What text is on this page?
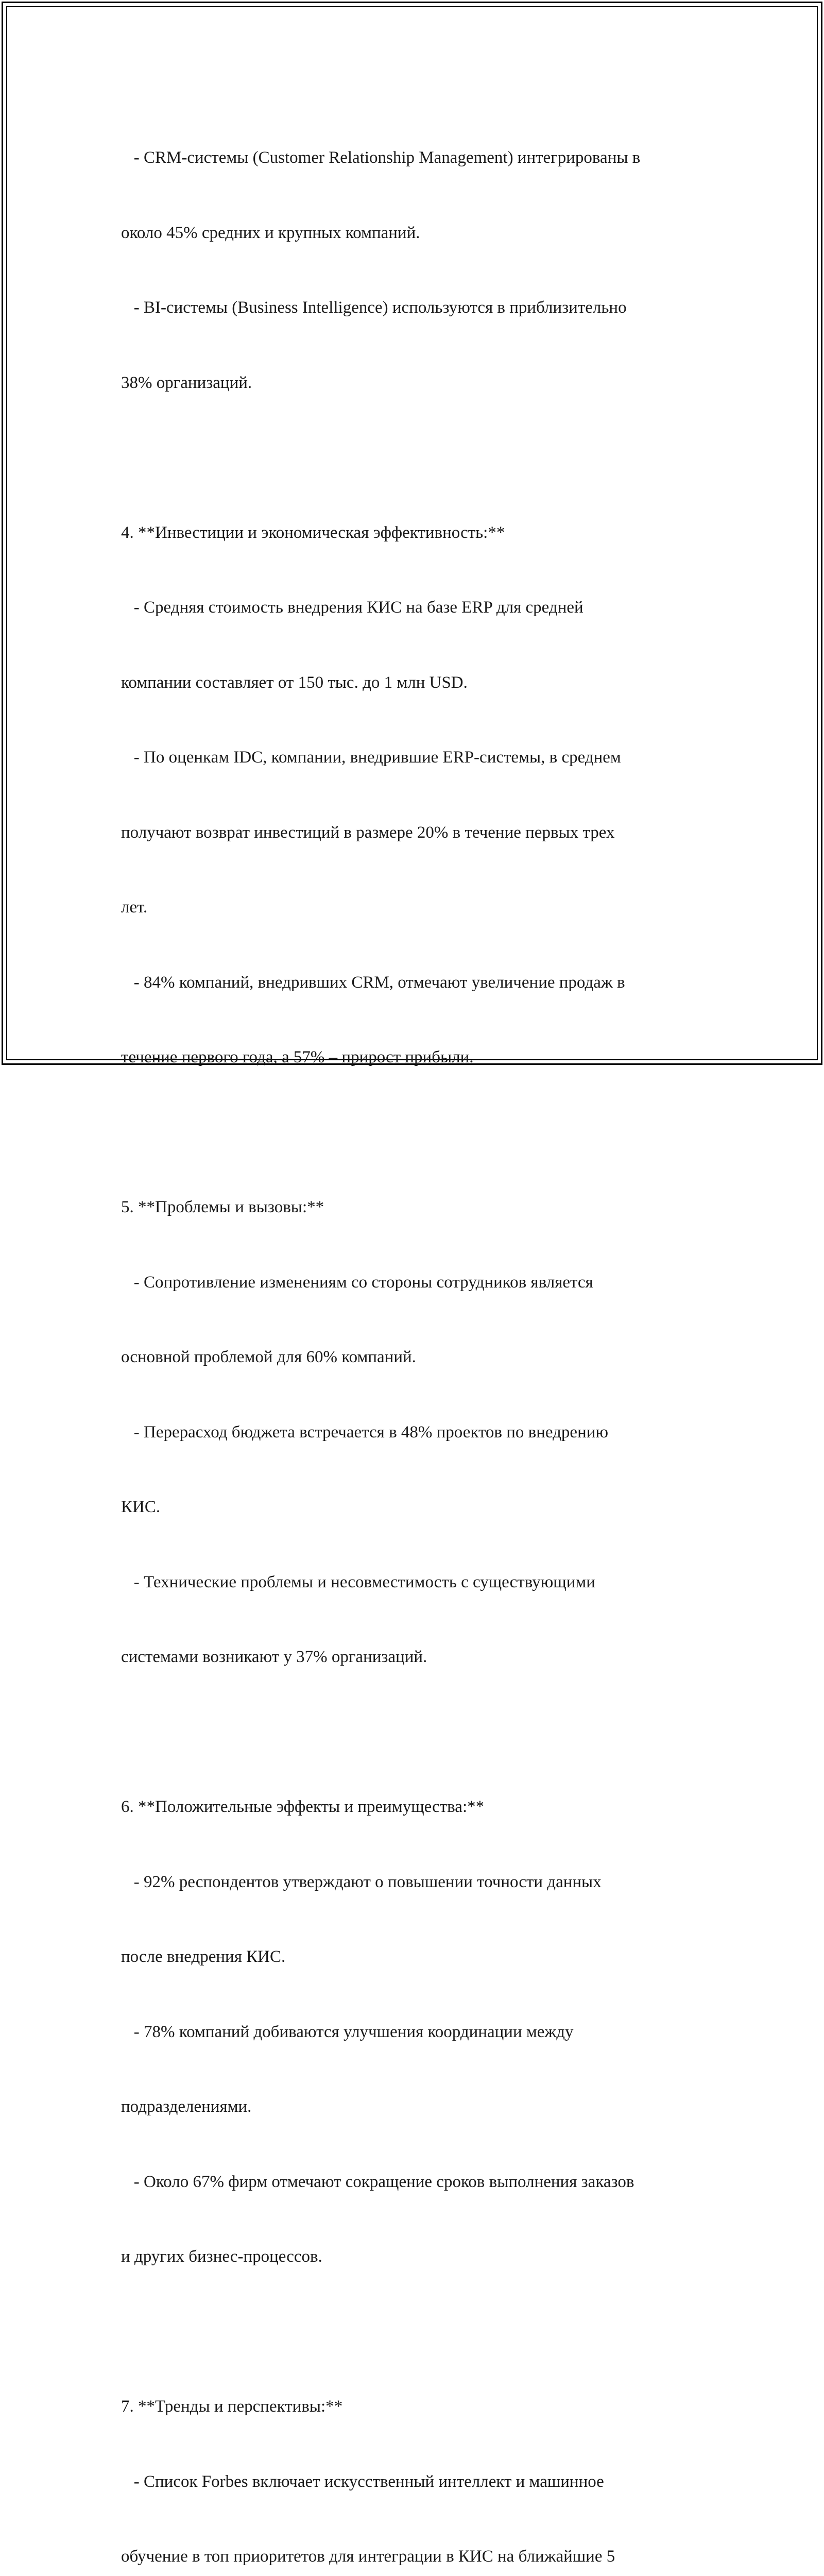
- CRM-системы (Customer Relationship Management) интегрированы в

около 45% средних и крупных компаний.

- BI-системы (Business Intelligence) используются в приблизительно

38% организаций.

4. **Инвестиции и экономическая эффективность:**

- Средняя стоимость внедрения КИС на базе ERP для средней

компании составляет от 150 тыс. до 1 млн USD.

- По оценкам IDC, компании, внедрившие ERP-системы, в среднем

получают возврат инвестиций в размере 20% в течение первых трех

лет.

- 84% компаний, внедривших CRM, отмечают увеличение продаж в

течение первого года, а 57% – прирост прибыли.

5. **Проблемы и вызовы:**

- Сопротивление изменениям со стороны сотрудников является

основной проблемой для 60% компаний.

- Перерасход бюджета встречается в 48% проектов по внедрению

КИС.

- Технические проблемы и несовместимость с существующими

системами возникают у 37% организаций.

6. **Положительные эффекты и преимущества:**

- 92% респондентов утверждают о повышении точности данных

после внедрения КИС.

- 78% компаний добиваются улучшения координации между

подразделениями.

- Около 67% фирм отмечают сокращение сроков выполнения заказов

и других бизнес-процессов.

7. **Тренды и перспективы:**

- Список Forbes включает искусственный интеллект и машинное

обучение в топ приоритетов для интеграции в КИС на ближайшие 5
